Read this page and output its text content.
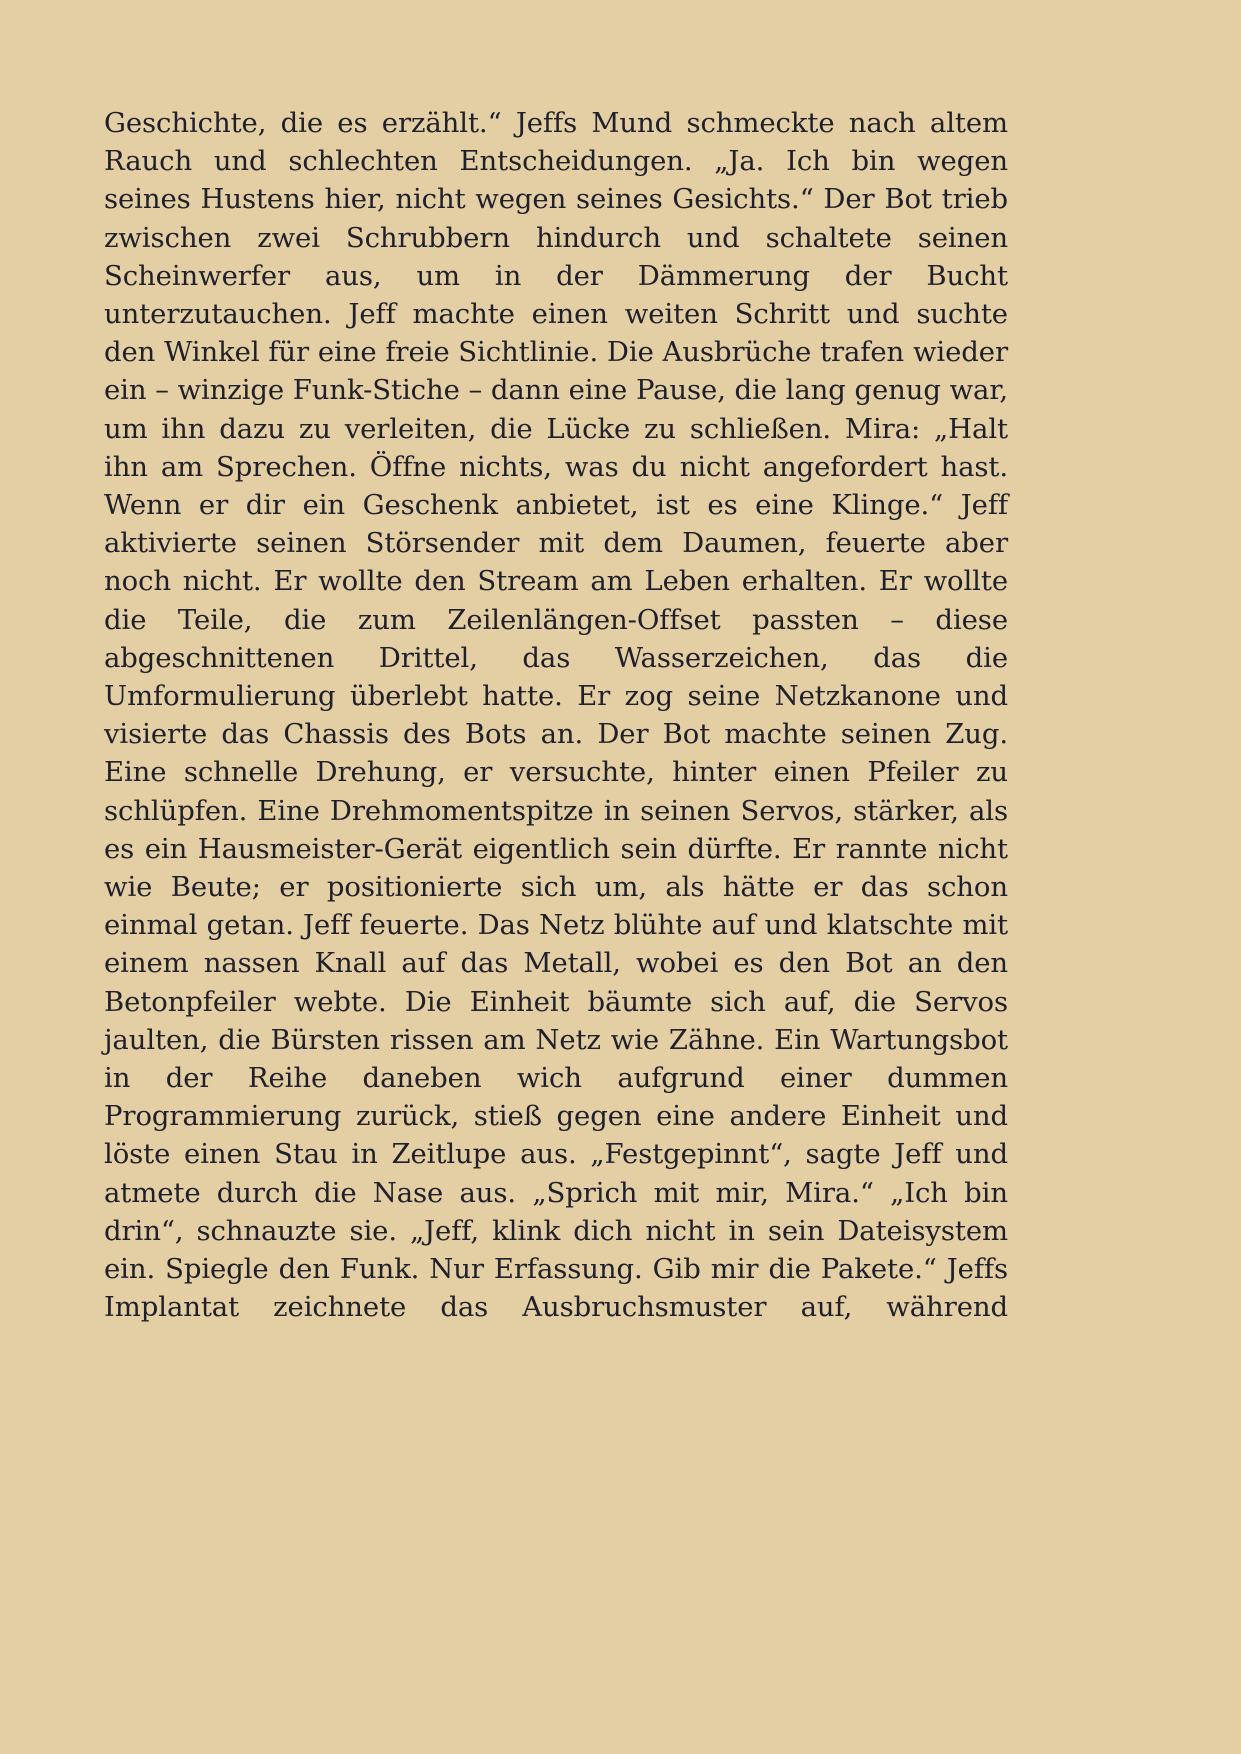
Geschichte, die es erzählt.“ Jeffs Mund schmeckte nach altem Rauch und schlechten Entscheidungen. „Ja. Ich bin wegen seines Hustens hier, nicht wegen seines Gesichts.“ Der Bot trieb zwischen zwei Schrubbern hindurch und schaltete seinen Scheinwerfer aus, um in der Dämmerung der Bucht unterzutauchen. Jeff machte einen weiten Schritt und suchte den Winkel für eine freie Sichtlinie. Die Ausbrüche trafen wieder ein – winzige Funk-Stiche – dann eine Pause, die lang genug war, um ihn dazu zu verleiten, die Lücke zu schließen. Mira: „Halt ihn am Sprechen. Öffne nichts, was du nicht angefordert hast. Wenn er dir ein Geschenk anbietet, ist es eine Klinge.“ Jeff aktivierte seinen Störsender mit dem Daumen, feuerte aber noch nicht. Er wollte den Stream am Leben erhalten. Er wollte die Teile, die zum Zeilenlängen-Offset passten – diese abgeschnittenen Drittel, das Wasserzeichen, das die Umformulierung überlebt hatte. Er zog seine Netzkanone und visierte das Chassis des Bots an. Der Bot machte seinen Zug. Eine schnelle Drehung, er versuchte, hinter einen Pfeiler zu schlüpfen. Eine Drehmomentspitze in seinen Servos, stärker, als es ein Hausmeister-Gerät eigentlich sein dürfte. Er rannte nicht wie Beute; er positionierte sich um, als hätte er das schon einmal getan. Jeff feuerte. Das Netz blühte auf und klatschte mit einem nassen Knall auf das Metall, wobei es den Bot an den Betonpfeiler webte. Die Einheit bäumte sich auf, die Servos jaulten, die Bürsten rissen am Netz wie Zähne. Ein Wartungsbot in der Reihe daneben wich aufgrund einer dummen Programmierung zurück, stieß gegen eine andere Einheit und löste einen Stau in Zeitlupe aus. „Festgepinnt“, sagte Jeff und atmete durch die Nase aus. „Sprich mit mir, Mira.“ „Ich bin drin“, schnauzte sie. „Jeff, klink dich nicht in sein Dateisystem ein. Spiegle den Funk. Nur Erfassung. Gib mir die Pakete.“ Jeffs Implantat zeichnete das Ausbruchsmuster auf, während
